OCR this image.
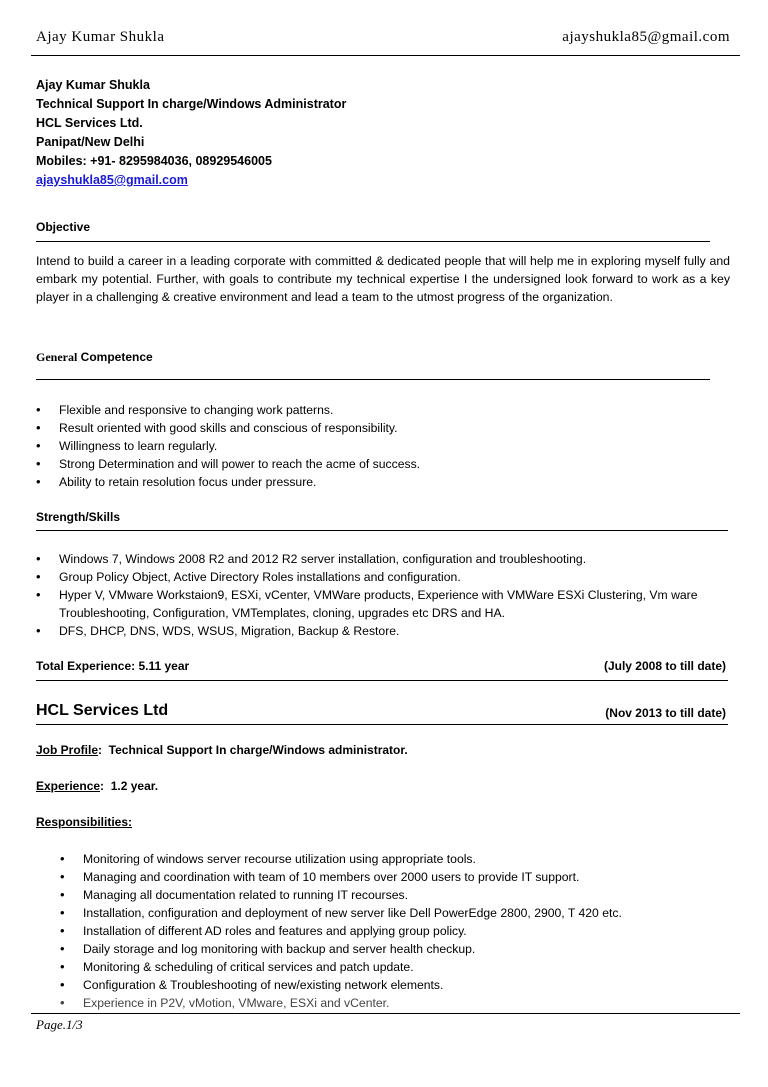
Ajay Kumar Shukla	ajayshukla85@gmail.com
Ajay Kumar Shukla
Technical Support In charge/Windows Administrator
HCL Services Ltd.
Panipat/New Delhi
Mobiles: +91- 8295984036, 08929546005
ajayshukla85@gmail.com
Objective
Intend to build a career in a leading corporate with committed & dedicated people that will help me in exploring myself fully and embark my potential. Further, with goals to contribute my technical expertise I the undersigned look forward to work as a key player in a challenging & creative environment and lead a team to the utmost progress of the organization.
General Competence
• Flexible and responsive to changing work patterns.
• Result oriented with good skills and conscious of responsibility.
• Willingness to learn regularly.
• Strong Determination and will power to reach the acme of success.
• Ability to retain resolution focus under pressure.
Strength/Skills
• Windows 7, Windows 2008 R2 and 2012 R2 server installation, configuration and troubleshooting.
• Group Policy Object, Active Directory Roles installations and configuration.
• Hyper V, VMware Workstaion9, ESXi, vCenter, VMWare products, Experience with VMWare ESXi Clustering, Vm ware Troubleshooting, Configuration, VMTemplates, cloning, upgrades etc DRS and HA.
• DFS, DHCP, DNS, WDS, WSUS, Migration, Backup & Restore.
Total Experience: 5.11 year	(July 2008 to till date)
HCL Services Ltd	(Nov 2013 to till date)
Job Profile:  Technical Support In charge/Windows administrator.
Experience:  1.2 year.
Responsibilities:
• Monitoring of windows server recourse utilization using appropriate tools.
• Managing and coordination with team of 10 members over 2000 users to provide IT support.
• Managing all documentation related to running IT recourses.
• Installation, configuration and deployment of new server like Dell PowerEdge 2800, 2900, T 420 etc.
• Installation of different AD roles and features and applying group policy.
• Daily storage and log monitoring with backup and server health checkup.
• Monitoring & scheduling of critical services and patch update.
• Configuration & Troubleshooting of new/existing network elements.
• Experience in P2V, vMotion, VMware, ESXi and vCenter.
Page.1/3
